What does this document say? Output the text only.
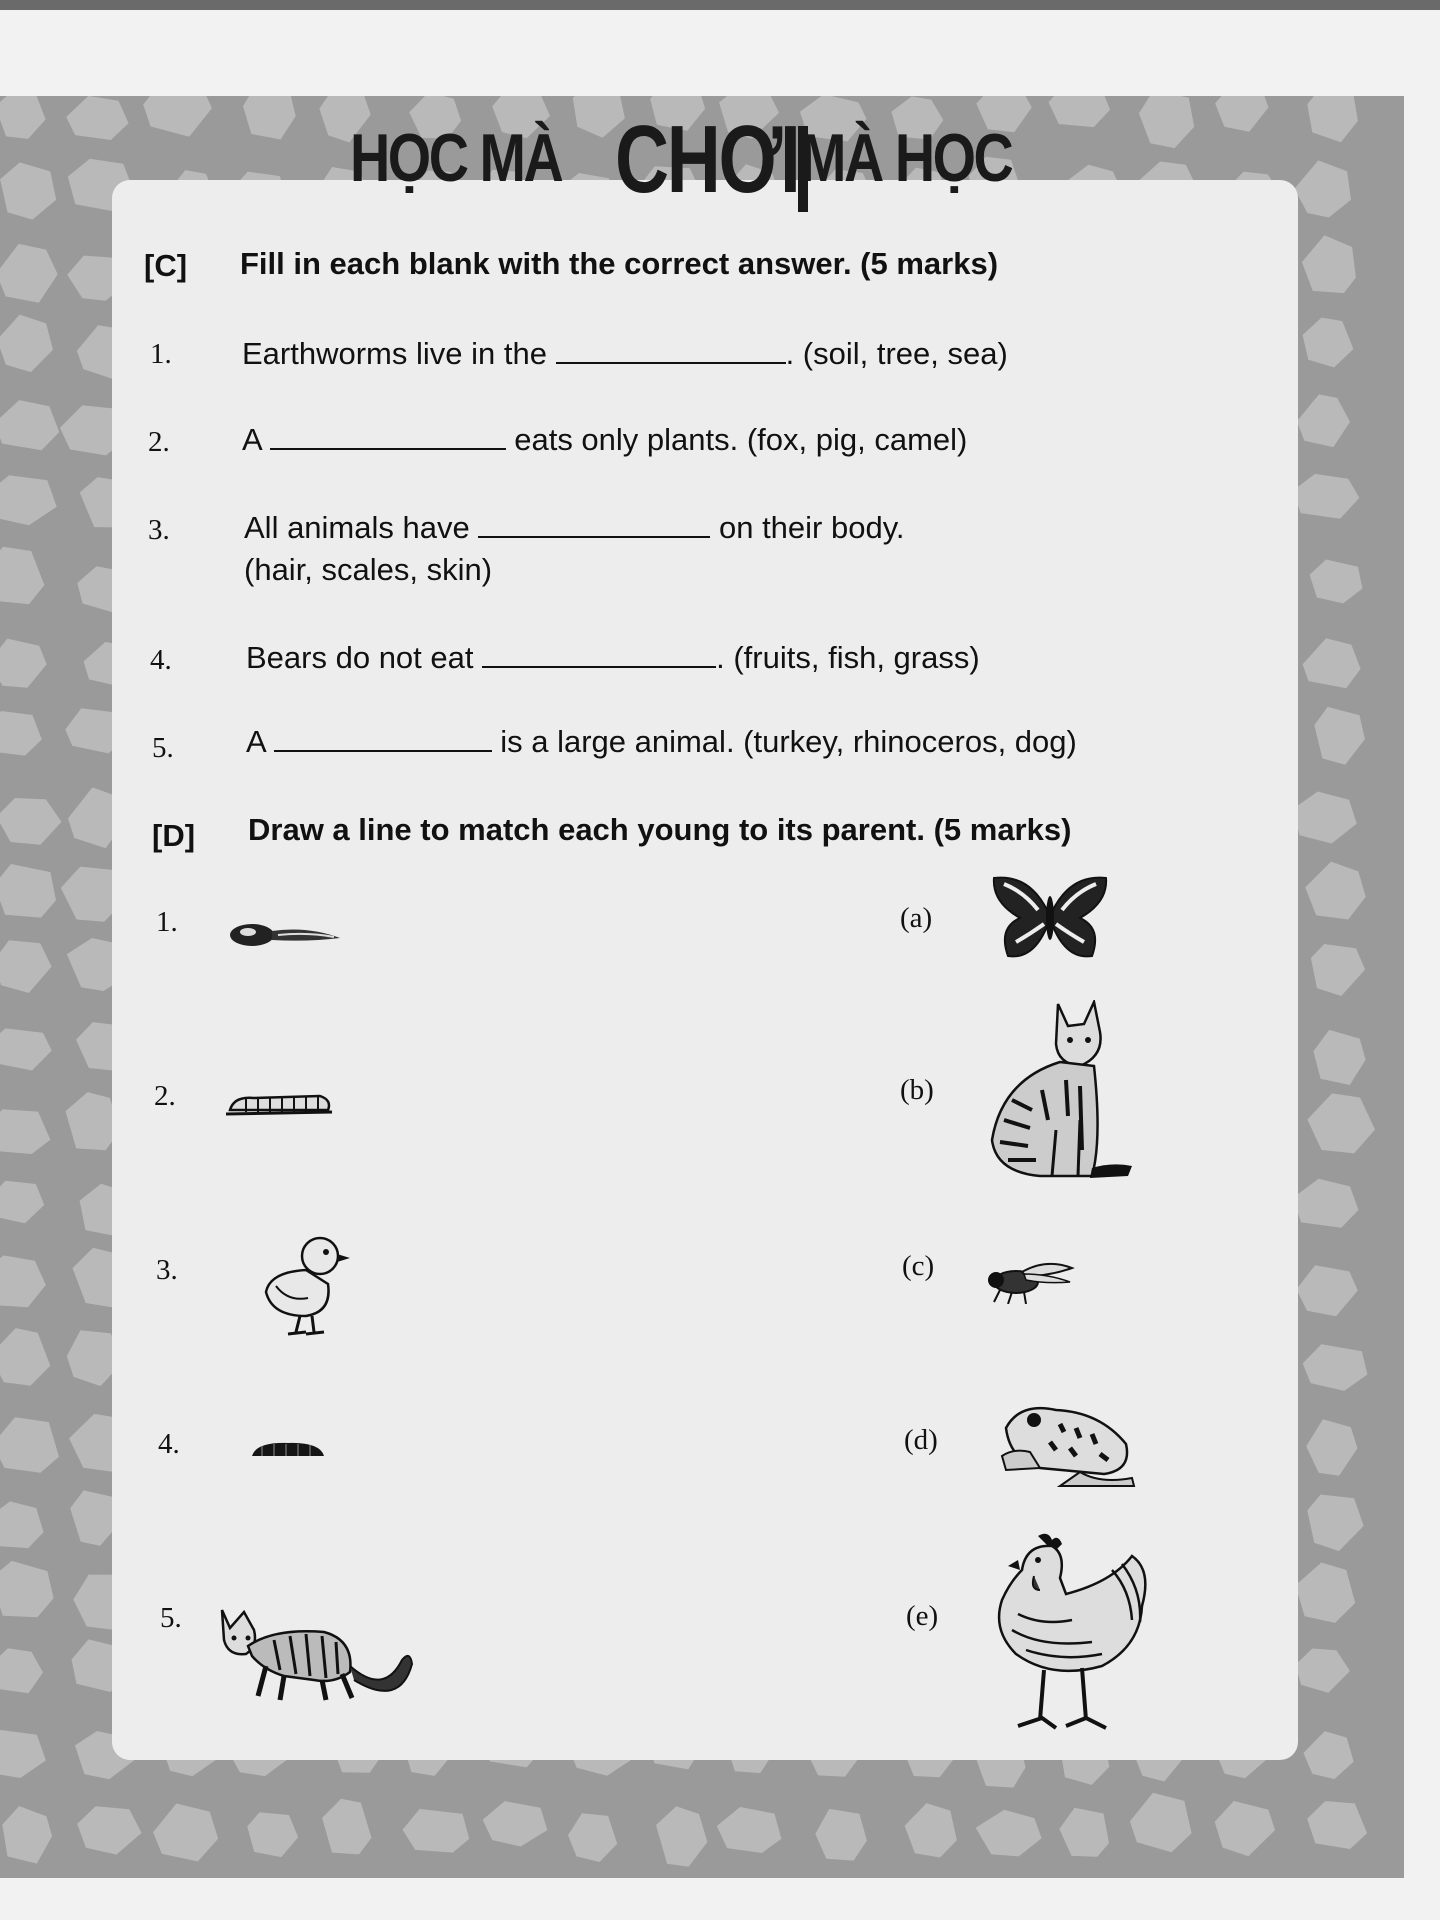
HỌC MÀ CHƠI MÀ HỌC
[C] Fill in each blank with the correct answer. (5 marks)
1. Earthworms live in the	. (soil, tree, sea)
2. A	eats only plants. (fox, pig, camel)
3. All animals have	on their body.
(hair, scales, skin)
4. Bears do not eat	. (fruits, fish, grass)
5. A	is a large animal. (turkey, rhinoceros, dog)
[D] Draw a line to match each young to its parent. (5 marks)
1.
2.
3.
4.
5.
(a)
(b)
(c)
(d)
(e)
